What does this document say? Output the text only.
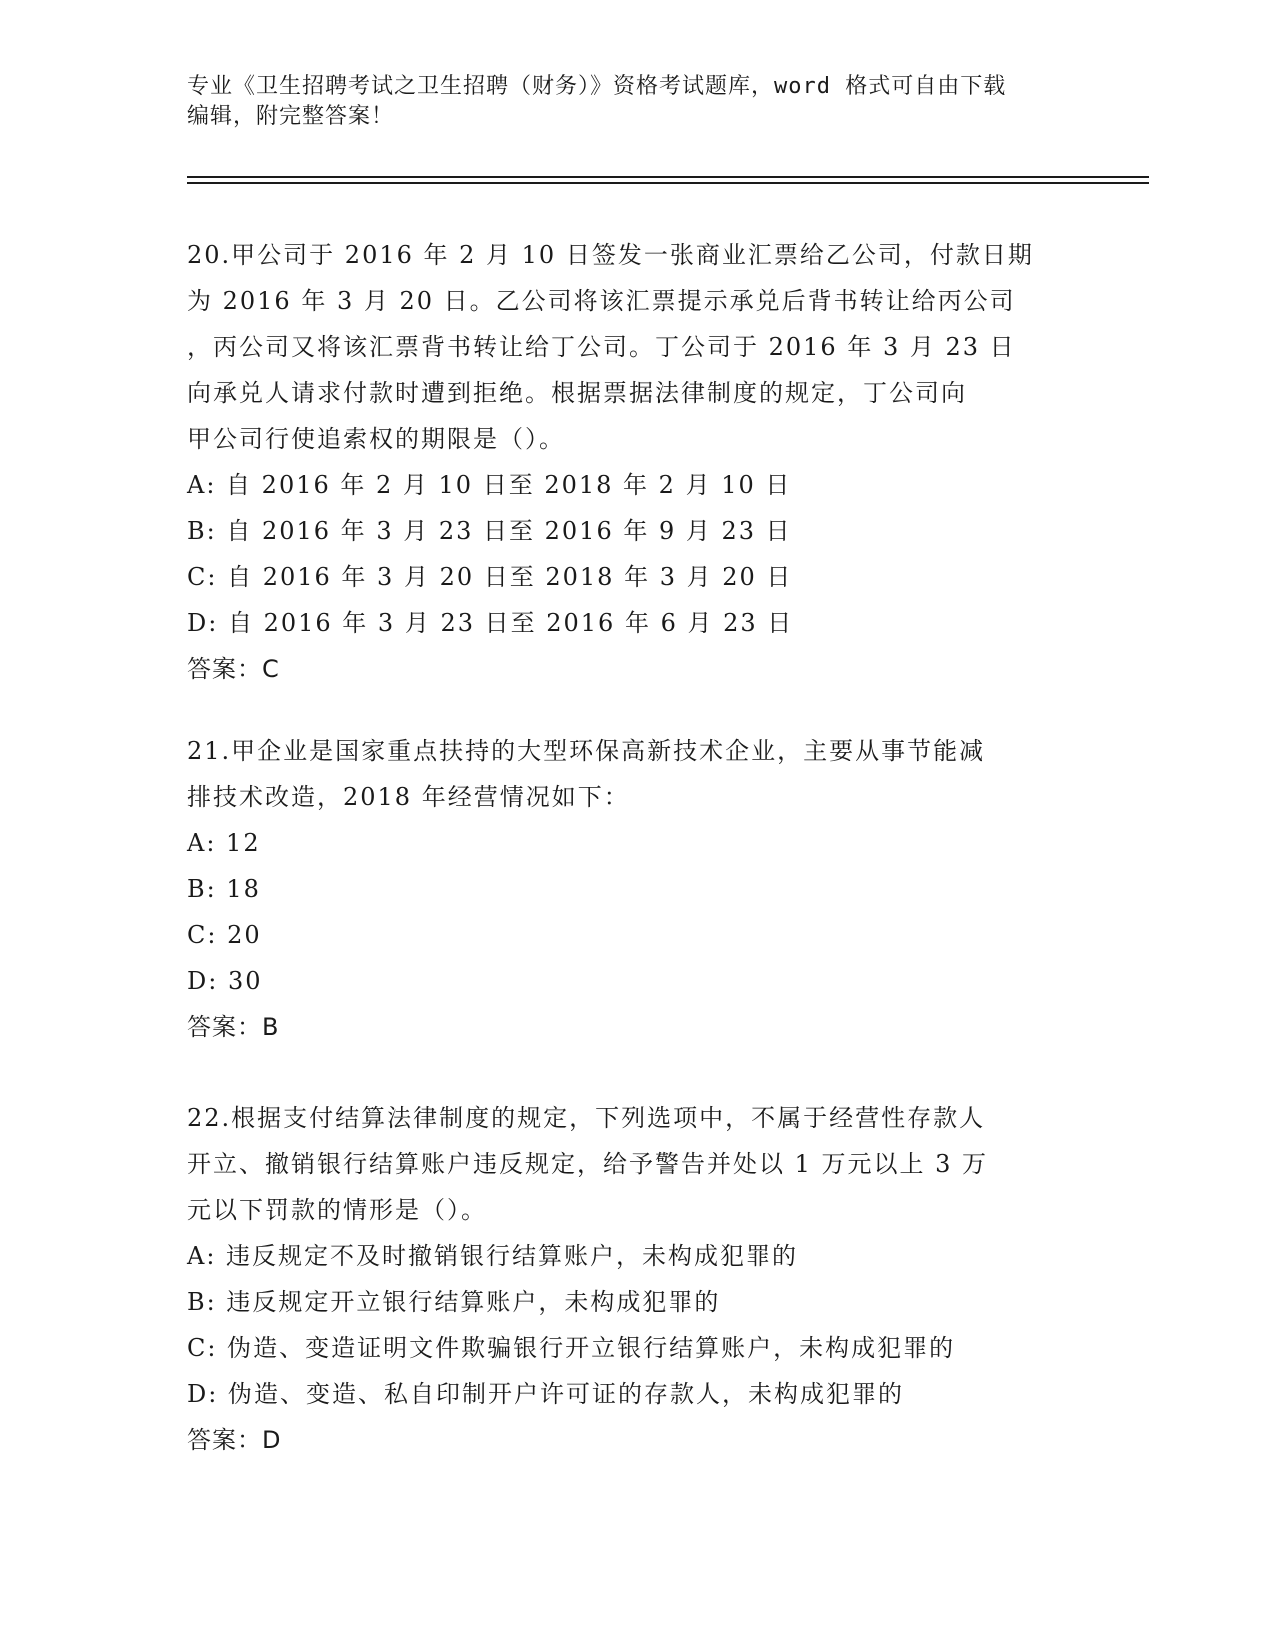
专业《卫生招聘考试之卫生招聘（财务）》资格考试题库，word 格式可自由下载

编辑，附完整答案！

20.甲公司于 2016 年 2 月 10 日签发一张商业汇票给乙公司，付款日期

为 2016 年 3 月 20 日。乙公司将该汇票提示承兑后背书转让给丙公司

，丙公司又将该汇票背书转让给丁公司。丁公司于 2016 年 3 月 23 日

向承兑人请求付款时遭到拒绝。根据票据法律制度的规定，丁公司向

甲公司行使追索权的期限是（）。

A: 自 2016 年 2 月 10 日至 2018 年 2 月 10 日
B: 自 2016 年 3 月 23 日至 2016 年 9 月 23 日
C: 自 2016 年 3 月 20 日至 2018 年 3 月 20 日
D: 自 2016 年 3 月 23 日至 2016 年 6 月 23 日

答案：C

21.甲企业是国家重点扶持的大型环保高新技术企业，主要从事节能减

排技术改造，2018 年经营情况如下：

A: 12
B: 18
C: 20
D: 30

答案：B

22.根据支付结算法律制度的规定，下列选项中，不属于经营性存款人

开立、撤销银行结算账户违反规定，给予警告并处以 1 万元以上 3 万

元以下罚款的情形是（）。

A: 违反规定不及时撤销银行结算账户，未构成犯罪的
B: 违反规定开立银行结算账户，未构成犯罪的
C: 伪造、变造证明文件欺骗银行开立银行结算账户，未构成犯罪的
D: 伪造、变造、私自印制开户许可证的存款人，未构成犯罪的

答案：D
